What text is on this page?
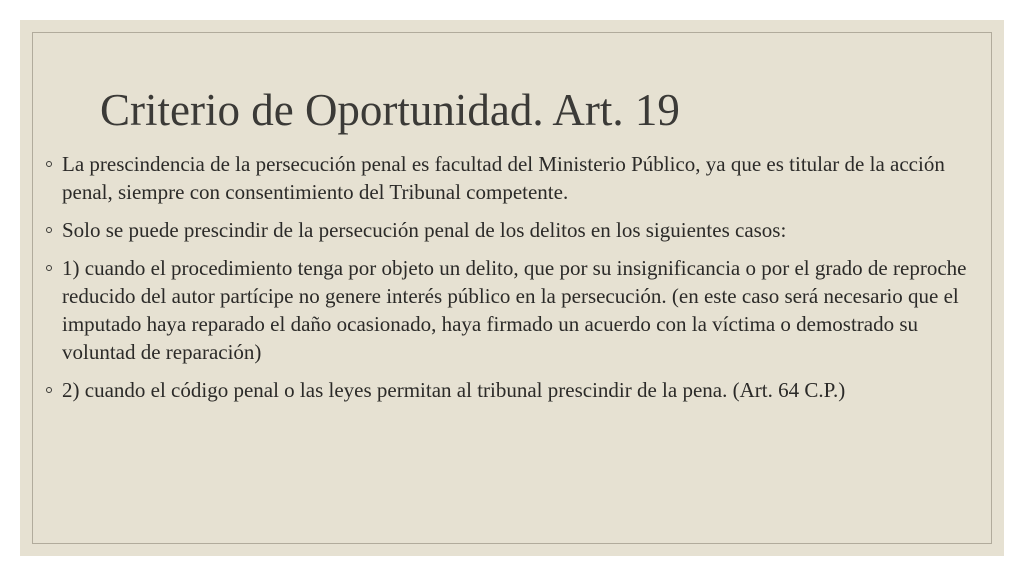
Criterio de Oportunidad. Art. 19
La prescindencia de la persecución penal es facultad del Ministerio Público, ya que es titular de la acción penal, siempre con consentimiento del Tribunal competente.
Solo se puede prescindir de la persecución penal de los delitos en los siguientes casos:
1) cuando el procedimiento tenga por objeto un delito, que por su insignificancia o por el grado de reproche reducido del autor partícipe no genere interés público en la persecución. (en este caso será necesario que el imputado haya reparado el daño ocasionado, haya firmado un acuerdo con la víctima o demostrado su voluntad de reparación)
2) cuando el código penal o las leyes permitan al tribunal prescindir de la pena. (Art. 64 C.P.)
